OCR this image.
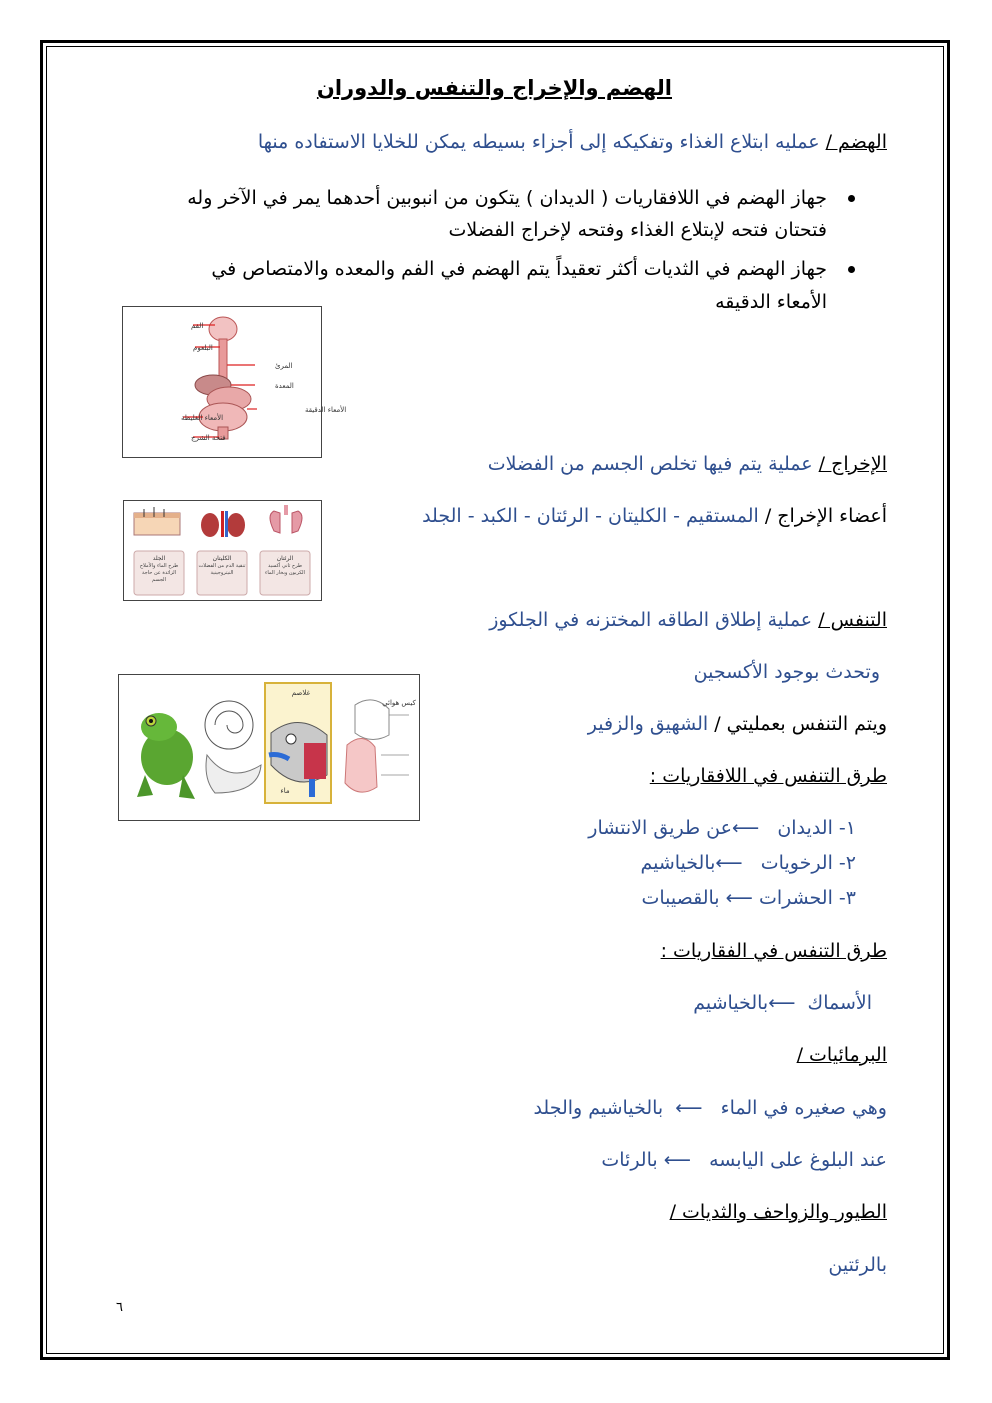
الهضم والإخراج والتنفس والدوران
الهضم / عمليه ابتلاع الغذاء وتفكيكه إلى أجزاء بسيطه يمكن للخلايا الاستفاده منها
جهاز الهضم في اللافقاريات ( الديدان ) يتكون من انبوبين أحدهما يمر في الآخر وله
فتحتان فتحه لإبتلاع الغذاء وفتحه لإخراج الفضلات
جهاز الهضم في الثديات أكثر تعقيداً يتم الهضم في الفم والمعده والامتصاص في
الأمعاء الدقيقه
الفم
البلعوم
المرئ
المعدة
الأمعاء الدقيقة
الأمعاء الغليظة
فتحة الشرج
الإخراج / عملية يتم فيها تخلص الجسم من الفضلات
أعضاء الإخراج / المستقيم - الكليتان - الرئتان - الكبد - الجلد
الجلد	الكليتان	الرئتان
طرح الماء والأملاح الزائدة عن حاجة الجسم
تنقية الدم من الفضلات النيتروجينية
طرح ثاني أكسيد الكربون وبخار الماء
التنفس / عملية إطلاق الطاقه المختزنه في الجلكوز
وتحدث بوجود الأكسجين
ويتم التنفس بعمليتي / الشهيق والزفير
غلاصم
ماء
كيس هوائي
طرق التنفس في اللافقاريات :
١- الديدان   ⟵عن طريق الانتشار
٢- الرخويات   ⟵بالخياشيم
٣- الحشرات ⟵ بالقصيبات
طرق التنفس في الفقاريات :
الأسماك  ⟵بالخياشيم
البرمائيات /
وهي صغيره في الماء   ⟵  بالخياشيم والجلد
عند البلوغ على اليابسه   ⟵ بالرئات
الطيور والزواحف والثديات /
بالرئتين
٦
